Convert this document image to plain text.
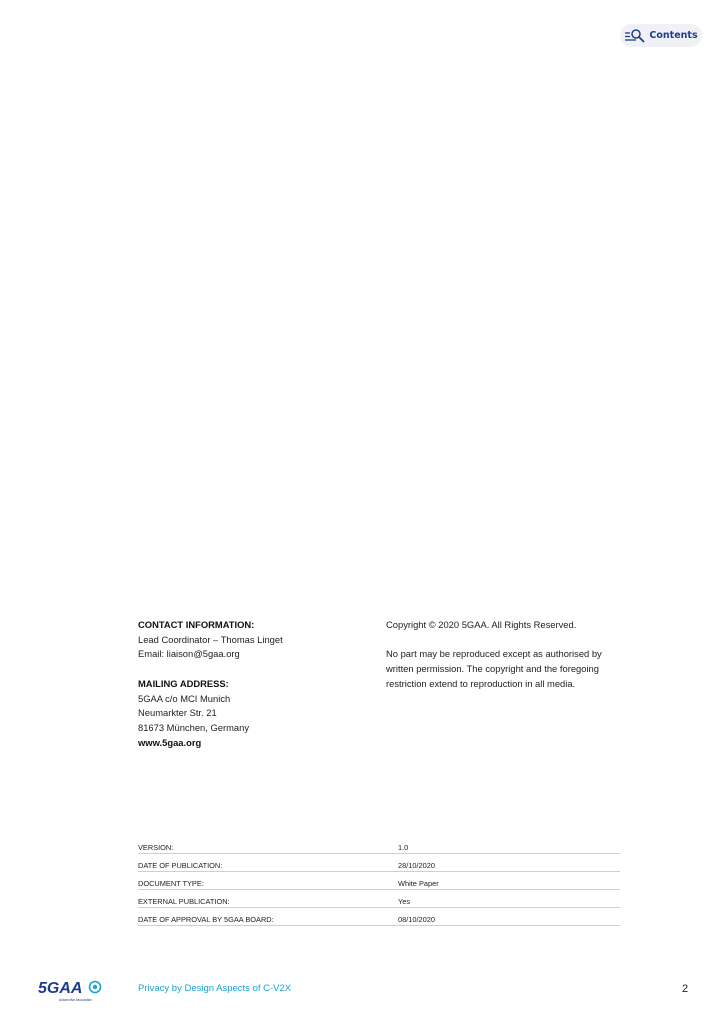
Contents
CONTACT INFORMATION:
Lead Coordinator – Thomas Linget
Email: liaison@5gaa.org
MAILING ADDRESS:
5GAA c/o MCI Munich
Neumarkter Str. 21
81673 München, Germany
www.5gaa.org
Copyright © 2020 5GAA. All Rights Reserved.
No part may be reproduced except as authorised by
written permission. The copyright and the foregoing
restriction extend to reproduction in all media.
VERSION:	1.0
DATE OF PUBLICATION:	28/10/2020
DOCUMENT TYPE:	White Paper
EXTERNAL PUBLICATION:	Yes
DATE OF APPROVAL BY 5GAA BOARD:	08/10/2020
5GAA
Automotive Association
Privacy by Design Aspects of C-V2X	2
